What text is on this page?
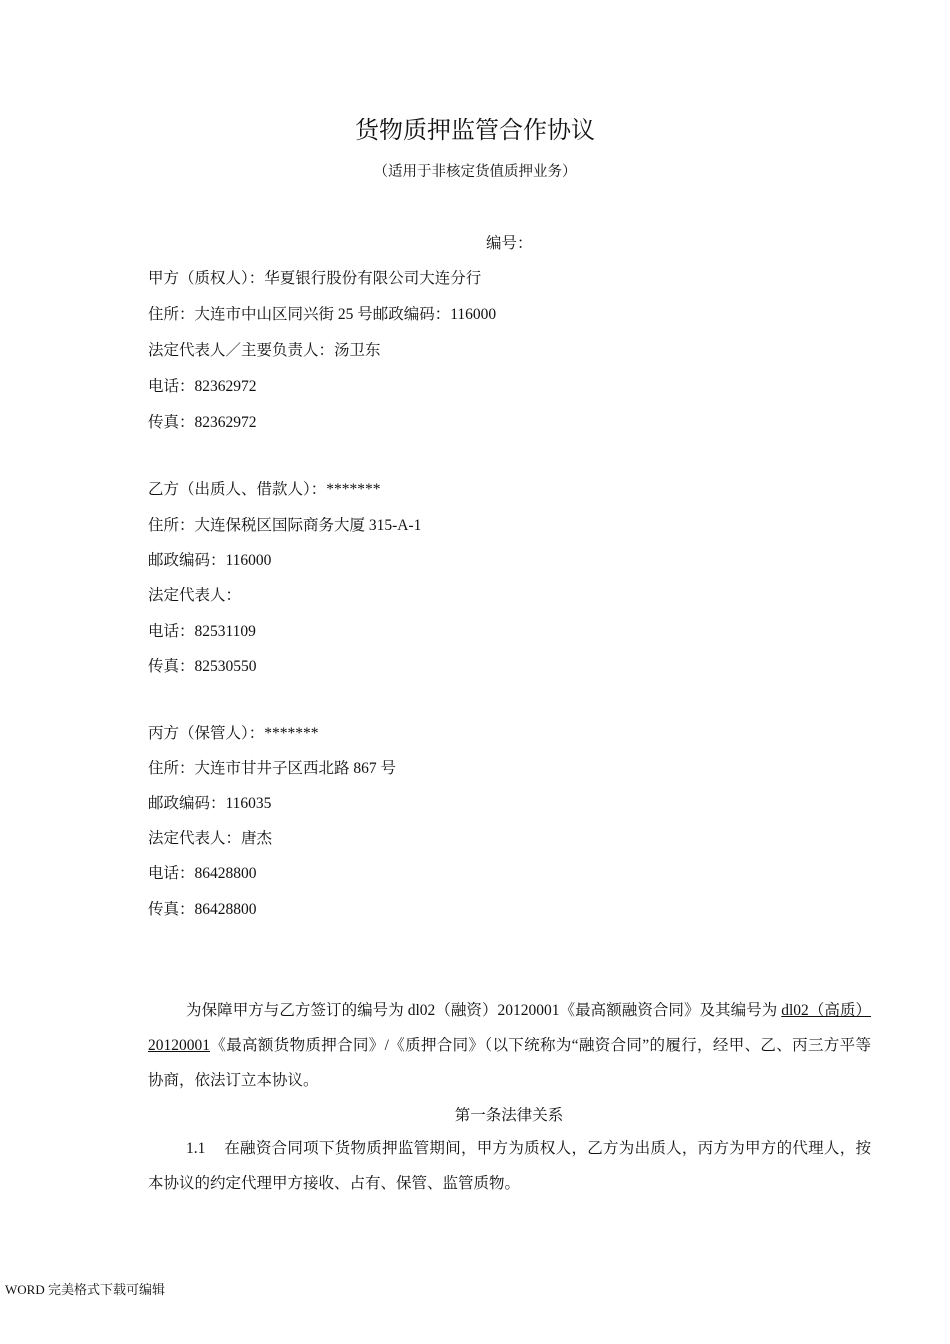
货物质押监管合作协议
（适用于非核定货值质押业务）
编号：
甲方（质权人）：华夏银行股份有限公司大连分行
住所：大连市中山区同兴街 25 号邮政编码：116000
法定代表人／主要负责人：汤卫东
电话：82362972
传真：82362972
乙方（出质人、借款人）：*******
住所：大连保税区国际商务大厦 315-A-1
邮政编码：116000
法定代表人：
电话：82531109
传真：82530550
丙方（保管人）：*******
住所：大连市甘井子区西北路 867 号
邮政编码：116035
法定代表人：唐杰
电话：86428800
传真：86428800
为保障甲方与乙方签订的编号为 dl02（融资）20120001《最高额融资合同》及其编号为 dl02（高质）20120001《最高额货物质押合同》/《质押合同》（以下统称为“融资合同”的履行，经甲、乙、丙三方平等协商，依法订立本协议。
第一条法律关系
1.1 在融资合同项下货物质押监管期间，甲方为质权人，乙方为出质人，丙方为甲方的代理人，按本协议的约定代理甲方接收、占有、保管、监管质物。
WORD 完美格式下载可编辑
